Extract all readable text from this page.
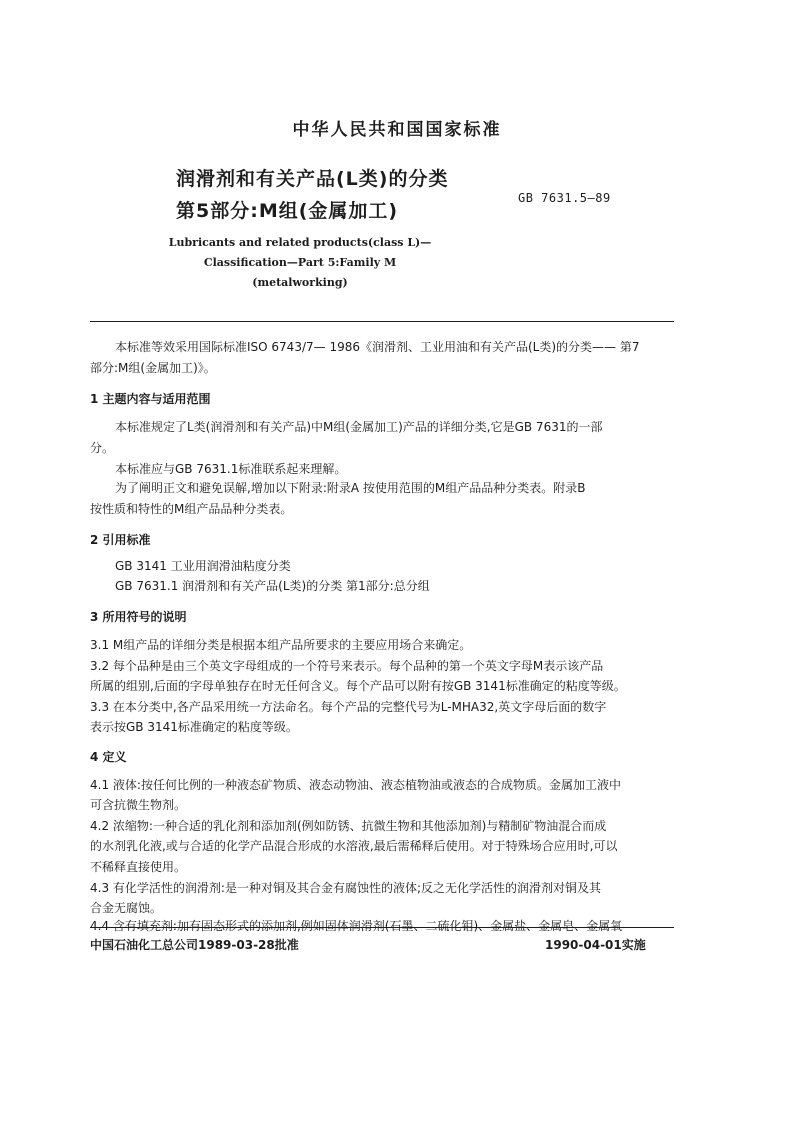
中华人民共和国国家标准
润滑剂和有关产品(L类)的分类
第5部分:M组(金属加工)
GB 7631.5—89
Lubricants and related products(class L)—
Classification—Part 5:Family M
(metalworking)
本标准等效采用国际标准ISO 6743/7— 1986《润滑剂、工业用油和有关产品(L类)的分类—— 第7
部分:M组(金属加工)》。
1 主题内容与适用范围
本标准规定了L类(润滑剂和有关产品)中M组(金属加工)产品的详细分类,它是GB 7631的一部
分。
本标准应与GB 7631.1标准联系起来理解。
为了阐明正文和避免误解,增加以下附录:附录A 按使用范围的M组产品品种分类表。附录B
按性质和特性的M组产品品种分类表。
2 引用标准
GB 3141 工业用润滑油粘度分类
GB 7631.1 润滑剂和有关产品(L类)的分类 第1部分:总分组
3 所用符号的说明
3.1 M组产品的详细分类是根据本组产品所要求的主要应用场合来确定。
3.2 每个品种是由三个英文字母组成的一个符号来表示。每个品种的第一个英文字母M表示该产品
所属的组别,后面的字母单独存在时无任何含义。每个产品可以附有按GB 3141标准确定的粘度等级。
3.3 在本分类中,各产品采用统一方法命名。每个产品的完整代号为L-MHA32,英文字母后面的数字
表示按GB 3141标准确定的粘度等级。
4 定义
4.1 液体:按任何比例的一种液态矿物质、液态动物油、液态植物油或液态的合成物质。金属加工液中
可含抗微生物剂。
4.2 浓缩物:一种合适的乳化剂和添加剂(例如防锈、抗微生物和其他添加剂)与精制矿物油混合而成
的水剂乳化液,或与合适的化学产品混合形成的水溶液,最后需稀释后使用。对于特殊场合应用时,可以
不稀释直接使用。
4.3 有化学活性的润滑剂:是一种对铜及其合金有腐蚀性的液体;反之无化学活性的润滑剂对铜及其
合金无腐蚀。
4.4 含有填充剂:加有固态形式的添加剂,例如固体润滑剂(石墨、二硫化钼)、金属盐、金属皂、金属氧
中国石油化工总公司1989-03-28批准	1990-04-01实施
